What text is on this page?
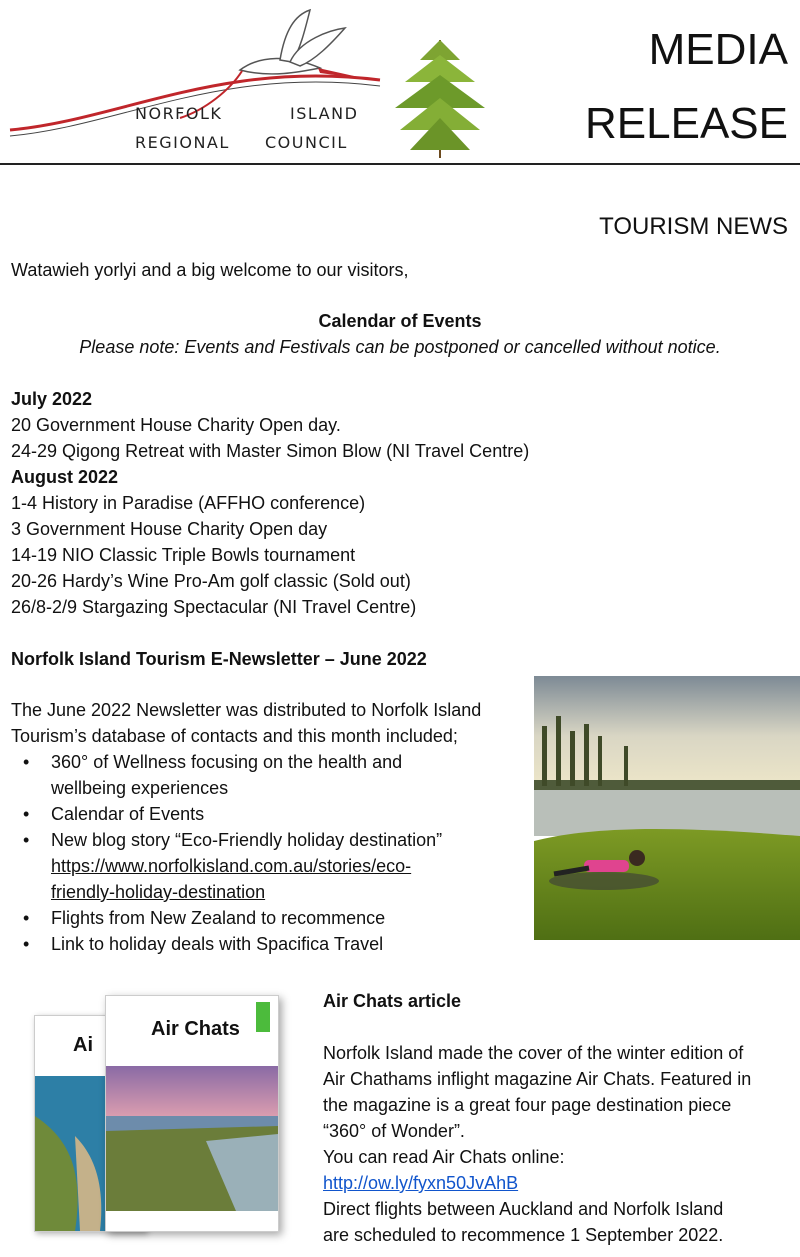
NORFOLK	ISLAND
REGIONAL COUNCIL
MEDIA
RELEASE
TOURISM NEWS
Watawieh yorlyi and a big welcome to our visitors,
Calendar of Events
Please note: Events and Festivals can be postponed or cancelled without notice.
July 2022
20 Government House Charity Open day.
24-29 Qigong Retreat with Master Simon Blow (NI Travel Centre)
August 2022
1-4 History in Paradise (AFFHO conference)
3 Government House Charity Open day
14-19 NIO Classic Triple Bowls tournament
20-26 Hardy’s Wine Pro-Am golf classic (Sold out)
26/8-2/9 Stargazing Spectacular (NI Travel Centre)
Norfolk Island Tourism E-Newsletter – June 2022
The June 2022 Newsletter was distributed to Norfolk Island
Tourism’s database of contacts and this month included;
• 360° of Wellness focusing on the health and
wellbeing experiences
• Calendar of Events
• New blog story “Eco-Friendly holiday destination”
https://www.norfolkisland.com.au/stories/eco-
friendly-holiday-destination
• Flights from New Zealand to recommence
• Link to holiday deals with Spacifica Travel
Ai
Air Chats
Air Chats article
Norfolk Island made the cover of the winter edition of
Air Chathams inflight magazine Air Chats. Featured in
the magazine is a great four page destination piece
“360° of Wonder”.
You can read Air Chats online:
http://ow.ly/fyxn50JvAhB
Direct flights between Auckland and Norfolk Island
are scheduled to recommence 1 September 2022.
